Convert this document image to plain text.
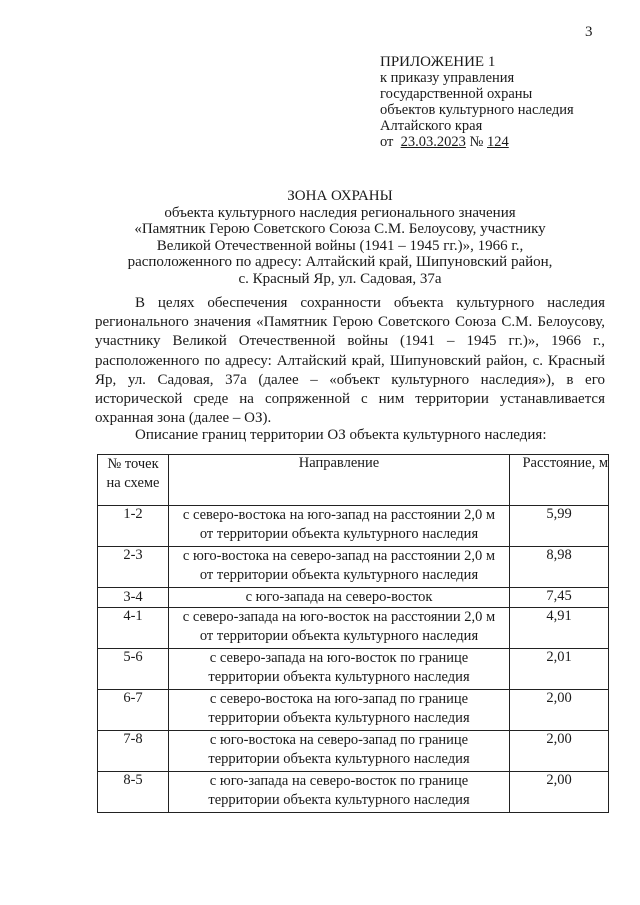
3
ПРИЛОЖЕНИЕ 1
к приказу управления
государственной охраны
объектов культурного наследия
Алтайского края
от 23.03.2023 № 124
ЗОНА ОХРАНЫ
объекта культурного наследия регионального значения
«Памятник Герою Советского Союза С.М. Белоусову, участнику
Великой Отечественной войны (1941 – 1945 гг.)», 1966 г.,
расположенного по адресу: Алтайский край, Шипуновский район,
с. Красный Яр, ул. Садовая, 37а
В целях обеспечения сохранности объекта культурного наследия регионального значения «Памятник Герою Советского Союза С.М. Белоусову, участнику Великой Отечественной войны (1941 – 1945 гг.)», 1966 г., расположенного по адресу: Алтайский край, Шипуновский район, с. Красный Яр, ул. Садовая, 37а (далее – «объект культурного наследия»), в его исторической среде на сопряженной с ним территории устанавливается охранная зона (далее – ОЗ).
Описание границ территории ОЗ объекта культурного наследия:
№ точек
на схеме	Направление	Расстояние, м
1-2	с северо-востока на юго-запад на расстоянии 2,0 м
от территории объекта культурного наследия	5,99
2-3	с юго-востока на северо-запад на расстоянии 2,0 м
от территории объекта культурного наследия	8,98
3-4	с юго-запада на северо-восток	7,45
4-1	с северо-запада на юго-восток на расстоянии 2,0 м
от территории объекта культурного наследия	4,91
5-6	с северо-запада на юго-восток по границе
территории объекта культурного наследия	2,01
6-7	с северо-востока на юго-запад по границе
территории объекта культурного наследия	2,00
7-8	с юго-востока на северо-запад по границе
территории объекта культурного наследия	2,00
8-5	с юго-запада на северо-восток по границе
территории объекта культурного наследия	2,00
